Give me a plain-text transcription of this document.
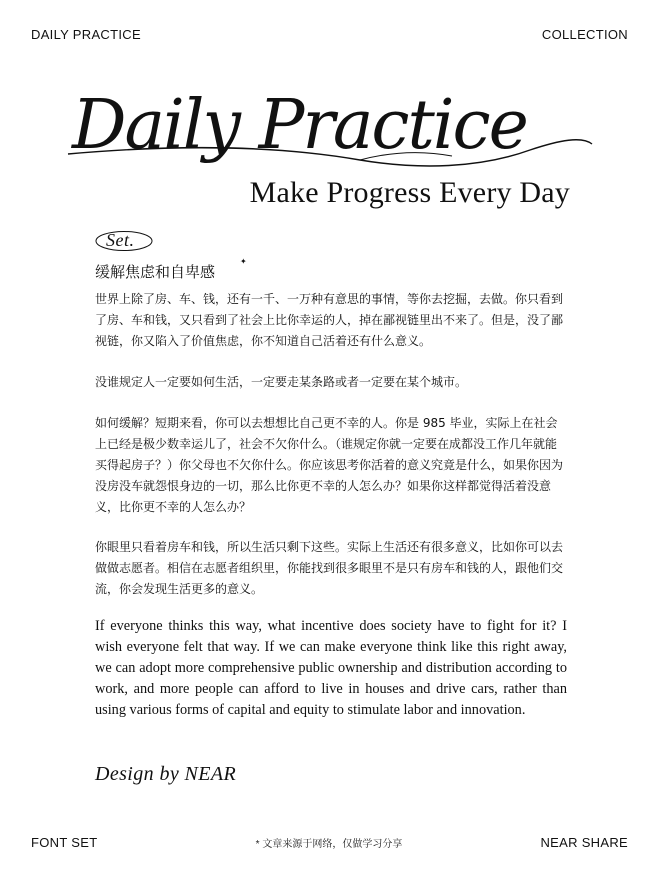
DAILY PRACTICE	COLLECTION
Daily Practice
Make Progress Every Day
Set.
缓解焦虑和自卑感
✦

世界上除了房、车、钱，还有一千、一万种有意思的事情，等你去挖掘，去做。你只看到了房、车和钱，又只看到了社会上比你幸运的人，掉在鄙视链里出不来了。但是，没了鄙视链，你又陷入了价值焦虑，你不知道自己活着还有什么意义。

没谁规定人一定要如何生活，一定要走某条路或者一定要在某个城市。

如何缓解？短期来看，你可以去想想比自己更不幸的人。你是 985 毕业，实际上在社会上已经是极少数幸运儿了，社会不欠你什么。（谁规定你就一定要在成都没工作几年就能买得起房子？）你父母也不欠你什么。你应该思考你活着的意义究竟是什么，如果你因为没房没车就怨恨身边的一切，那么比你更不幸的人怎么办？如果你这样都觉得活着没意义，比你更不幸的人怎么办？

你眼里只看着房车和钱，所以生活只剩下这些。实际上生活还有很多意义，比如你可以去做做志愿者。相信在志愿者组织里，你能找到很多眼里不是只有房车和钱的人，跟他们交流，你会发现生活更多的意义。

If everyone thinks this way, what incentive does society have to fight for it? I wish everyone felt that way. If we can make everyone think like this right away, we can adopt more comprehensive public ownership and distribution according to work, and more people can afford to live in houses and drive cars, rather than using various forms of capital and equity to stimulate labor and innovation.

Design by NEAR
FONT SET	* 文章来源于网络，仅做学习分享	NEAR SHARE
